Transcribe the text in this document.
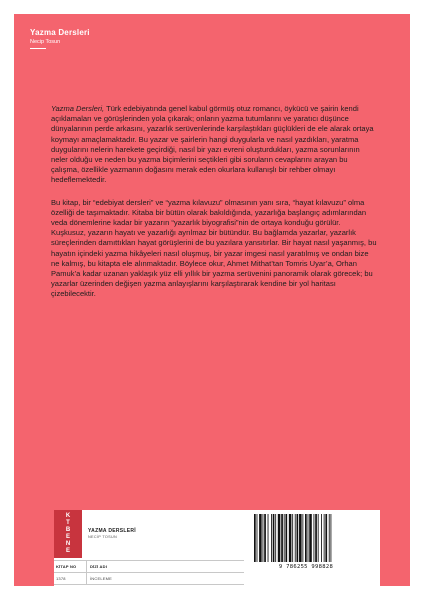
Yazma Dersleri
Necip Tosun

Yazma Dersleri, Türk edebiyatında genel kabul görmüş otuz romancı, öykücü ve şairin kendi açıklamaları ve görüşlerinden yola çıkarak; onların yazma tutumlarını ve yaratıcı düşünce dünyalarının perde arkasını, yazarlık serüvenlerinde karşılaştıkları güçlükleri de ele alarak ortaya koymayı amaçlamaktadır. Bu yazar ve şairlerin hangi duygularla ve nasıl yazdıkları, yaratma duygularını nelerin harekete geçirdiği, nasıl bir yazı evreni oluşturdukları, yazma sorunlarının neler olduğu ve neden bu yazma biçimlerini seçtikleri gibi soruların cevaplarını arayan bu çalışma, özellikle yazmanın doğasını merak eden okurlara kullanışlı bir rehber olmayı hedeflemektedir.

Bu kitap, bir “edebiyat dersleri” ve “yazma kılavuzu” olmasının yanı sıra, “hayat kılavuzu” olma özelliği de taşımaktadır. Kitaba bir bütün olarak bakıldığında, yazarlığa başlangıç adımlarından veda dönemlerine kadar bir yazarın “yazarlık biyografisi”nin de ortaya konduğu görülür. Kuşkusuz, yazarın hayatı ve yazarlığı ayrılmaz bir bütündür. Bu bağlamda yazarlar, yazarlık süreçlerinden damıttıkları hayat görüşlerini de bu yazılara yansıtırlar. Bir hayat nasıl yaşanmış, bu hayatın içindeki yazma hikâyeleri nasıl oluşmuş, bir yazar imgesi nasıl yaratılmış ve ondan bize ne kalmış, bu kitapta ele alınmaktadır. Böylece okur, Ahmet Mithat’tan Tomris Uyar’a, Orhan Pamuk’a kadar uzanan yaklaşık yüz elli yıllık bir yazma serüvenini panoramik olarak görecek; bu yazarlar üzerinden değişen yazma anlayışlarını karşılaştırarak kendine bir yol haritası çizebilecektir.

K
T
B
E
N
E
YAZMA DERSLERİ
NECİP TOSUN
KİTAP NO
1378
DİZİ ADI
İNCELEME
9 786255 998828
